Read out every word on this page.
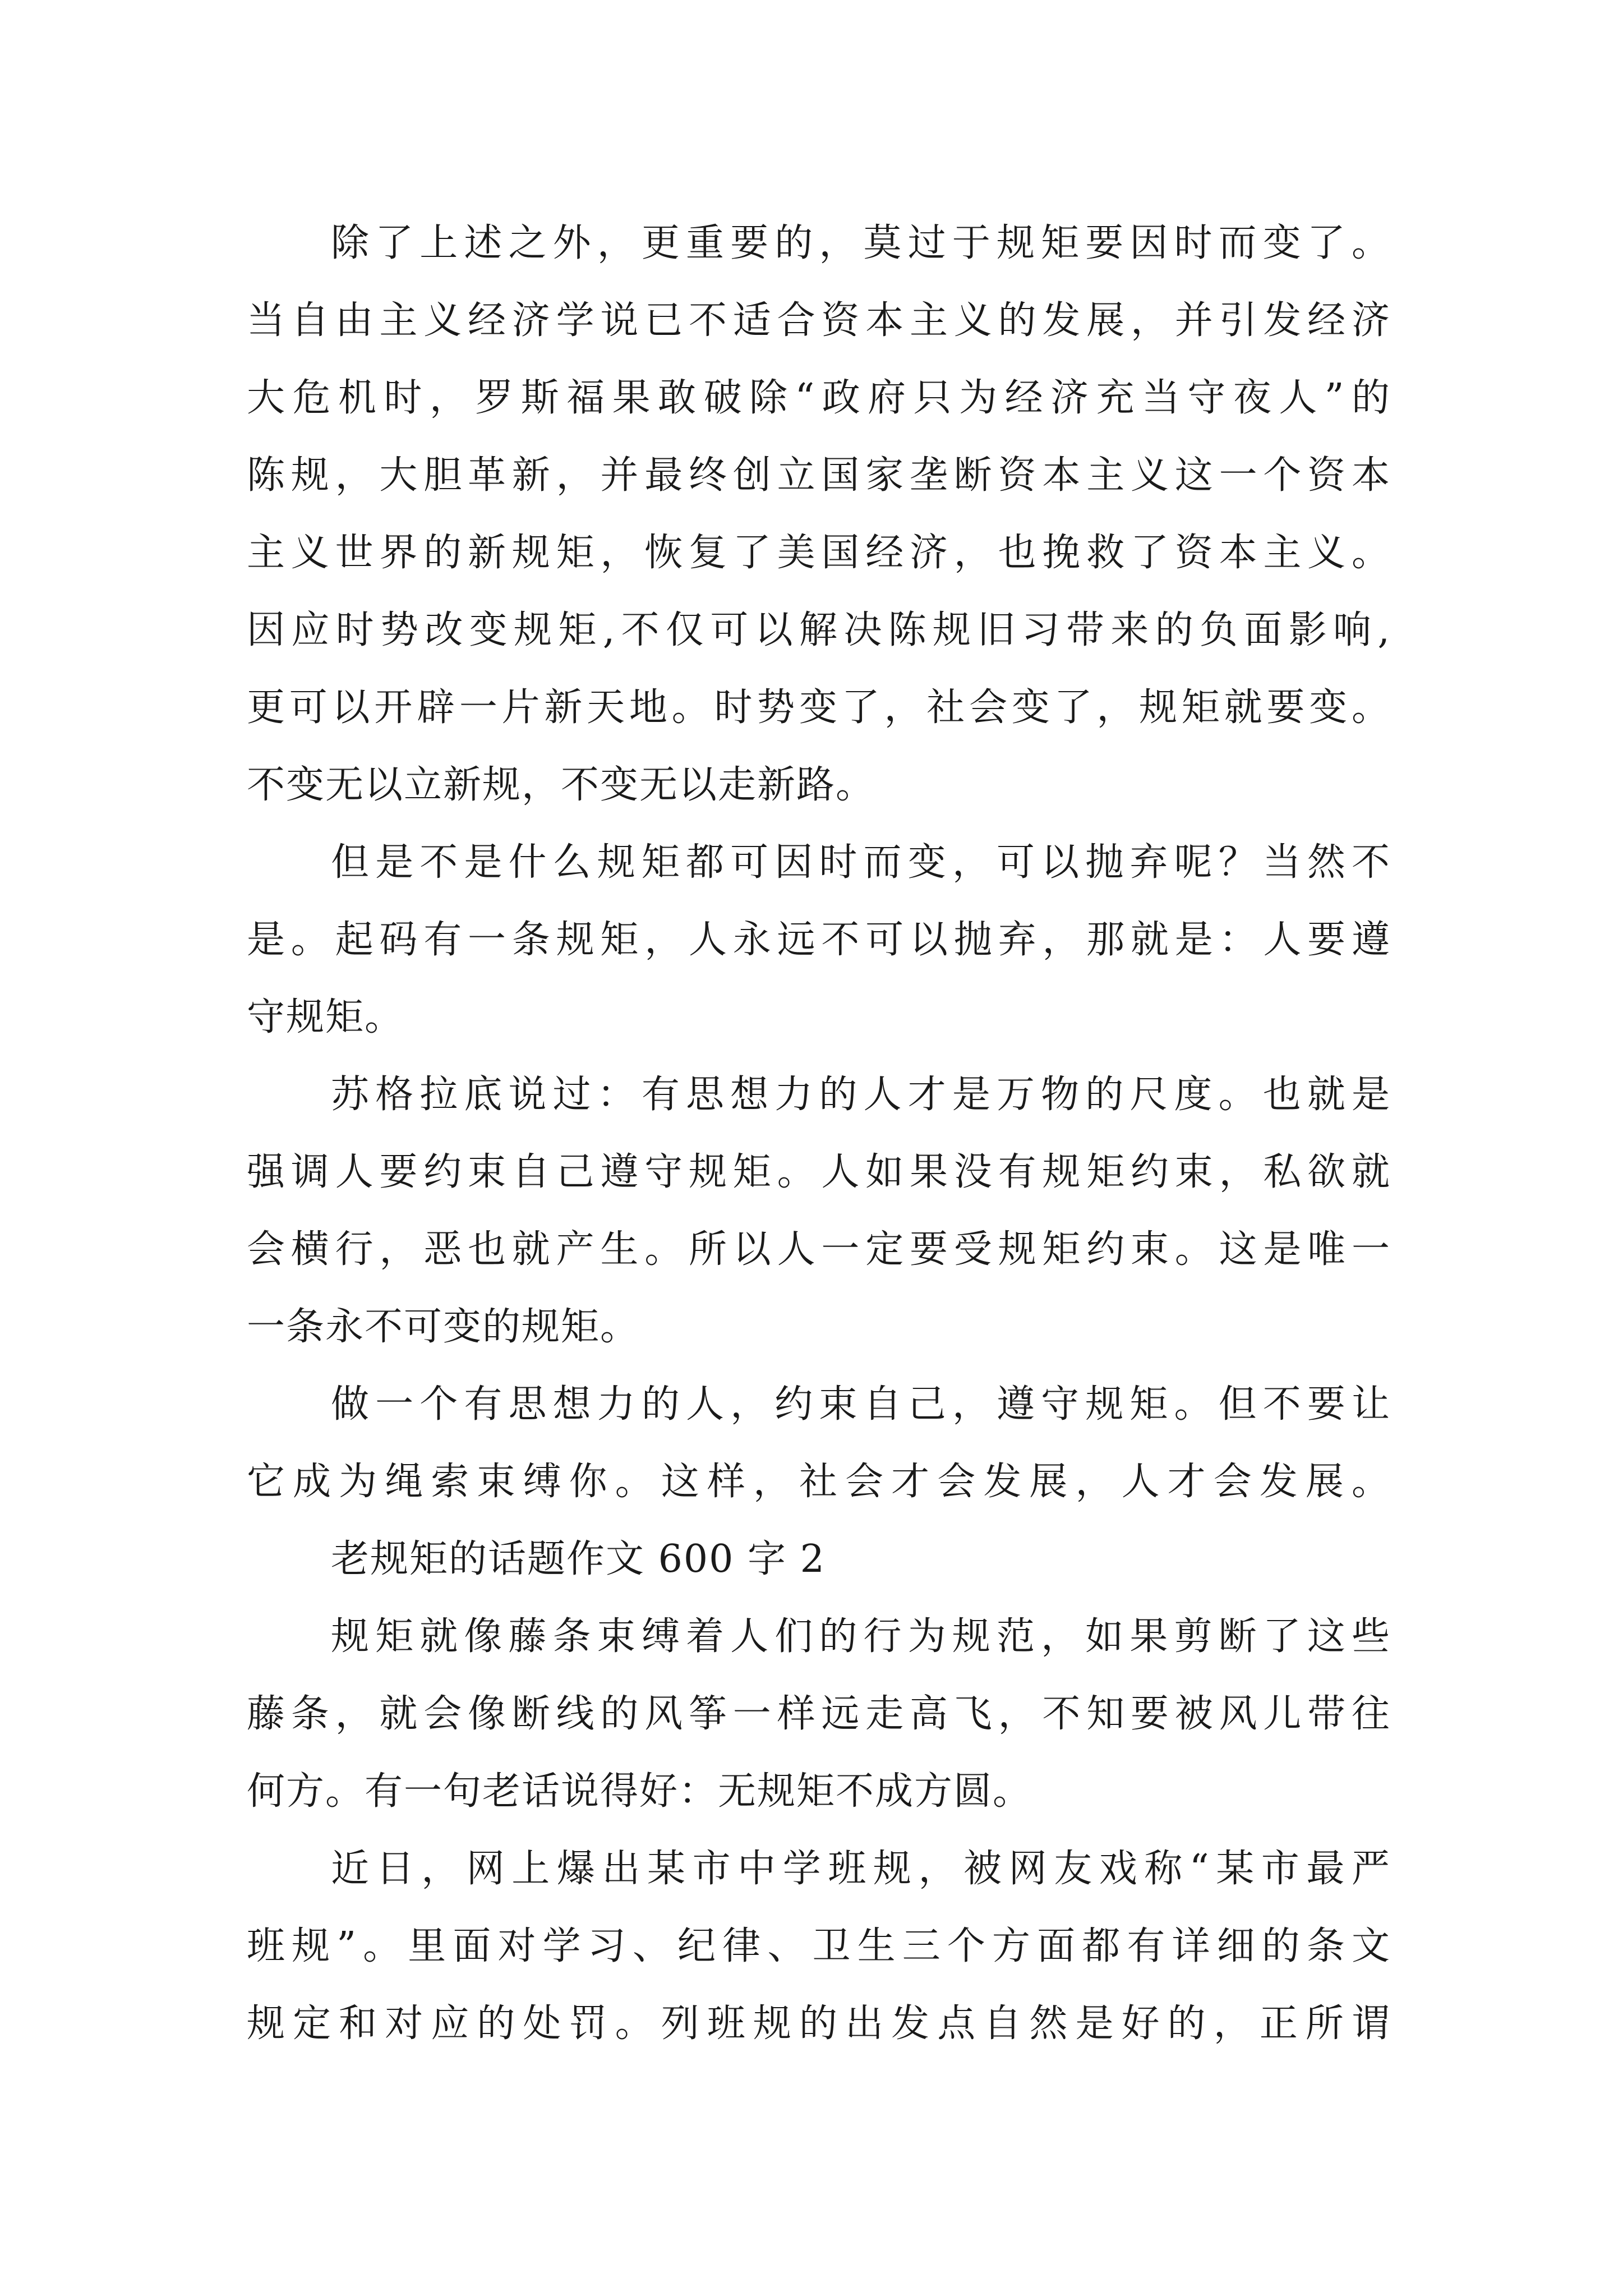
除了上述之外，更重要的，莫过于规矩要因时而变了。
当自由主义经济学说已不适合资本主义的发展，并引发经济
大危机时，罗斯福果敢破除“政府只为经济充当守夜人”的
陈规，大胆革新，并最终创立国家垄断资本主义这一个资本
主义世界的新规矩，恢复了美国经济，也挽救了资本主义。
因应时势改变规矩,不仅可以解决陈规旧习带来的负面影响,
更可以开辟一片新天地。时势变了，社会变了，规矩就要变。
不变无以立新规，不变无以走新路。
但是不是什么规矩都可因时而变，可以抛弃呢？当然不
是。起码有一条规矩，人永远不可以抛弃，那就是：人要遵
守规矩。
苏格拉底说过：有思想力的人才是万物的尺度。也就是
强调人要约束自己遵守规矩。人如果没有规矩约束，私欲就
会横行，恶也就产生。所以人一定要受规矩约束。这是唯一
一条永不可变的规矩。
做一个有思想力的人，约束自己，遵守规矩。但不要让
它成为绳索束缚你。这样，社会才会发展，人才会发展。
老规矩的话题作文 600 字 2
规矩就像藤条束缚着人们的行为规范，如果剪断了这些
藤条，就会像断线的风筝一样远走高飞，不知要被风儿带往
何方。有一句老话说得好：无规矩不成方圆。
近日，网上爆出某市中学班规，被网友戏称“某市最严
班规”。里面对学习、纪律、卫生三个方面都有详细的条文
规定和对应的处罚。列班规的出发点自然是好的，正所谓
